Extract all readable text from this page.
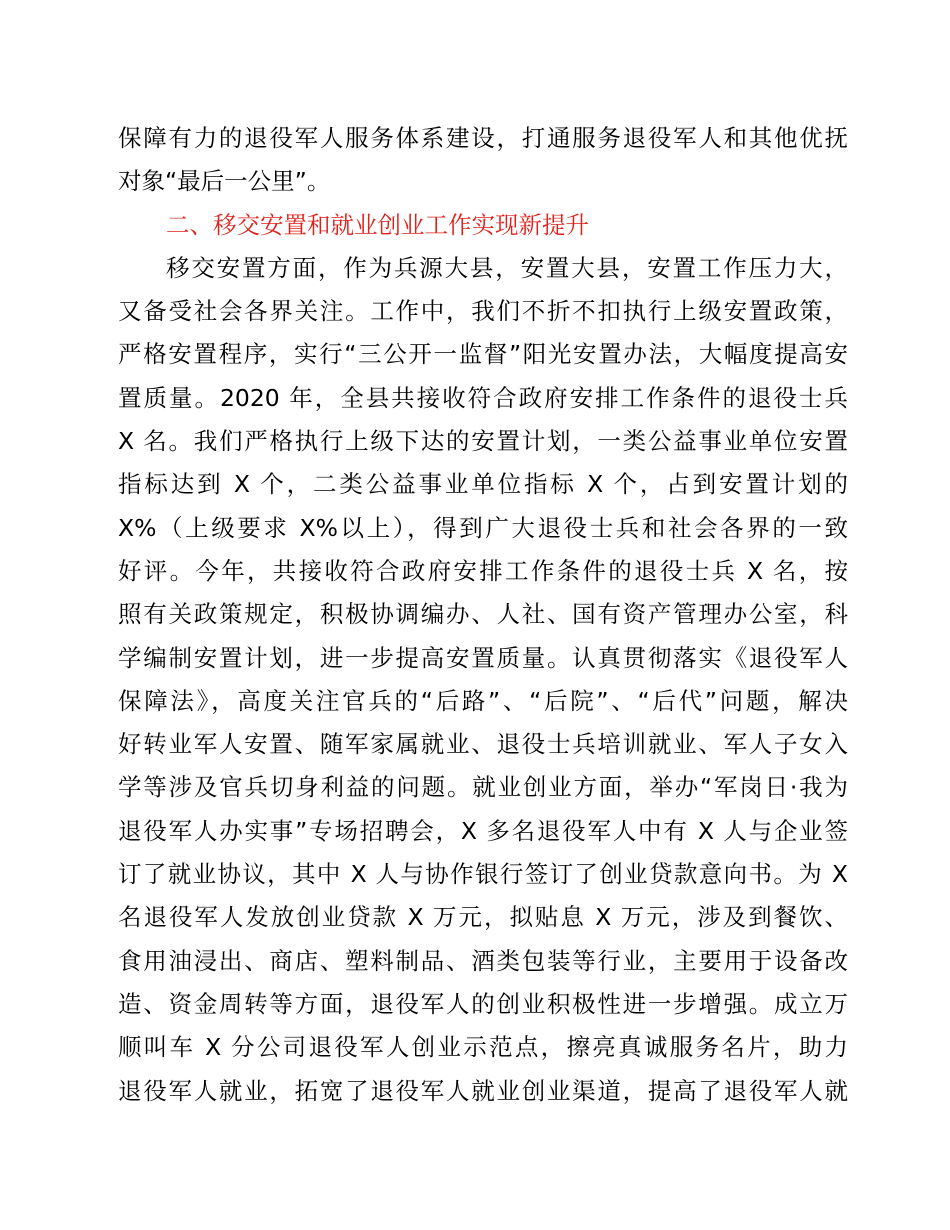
保障有力的退役军人服务体系建设，打通服务退役军人和其他优抚
对象“最后一公里”。
二、移交安置和就业创业工作实现新提升
移交安置方面，作为兵源大县，安置大县，安置工作压力大，
又备受社会各界关注。工作中，我们不折不扣执行上级安置政策，
严格安置程序，实行“三公开一监督”阳光安置办法，大幅度提高安
置质量。2020 年，全县共接收符合政府安排工作条件的退役士兵
X 名。我们严格执行上级下达的安置计划，一类公益事业单位安置
指标达到 X 个，二类公益事业单位指标 X 个，占到安置计划的
X%（上级要求 X%以上），得到广大退役士兵和社会各界的一致
好评。今年，共接收符合政府安排工作条件的退役士兵 X 名，按
照有关政策规定，积极协调编办、人社、国有资产管理办公室，科
学编制安置计划，进一步提高安置质量。认真贯彻落实《退役军人
保障法》，高度关注官兵的“后路”、“后院”、“后代”问题，解决
好转业军人安置、随军家属就业、退役士兵培训就业、军人子女入
学等涉及官兵切身利益的问题。就业创业方面，举办“军岗日·我为
退役军人办实事”专场招聘会，X 多名退役军人中有 X 人与企业签
订了就业协议，其中 X 人与协作银行签订了创业贷款意向书。为 X
名退役军人发放创业贷款 X 万元，拟贴息 X 万元，涉及到餐饮、
食用油浸出、商店、塑料制品、酒类包装等行业，主要用于设备改
造、资金周转等方面，退役军人的创业积极性进一步增强。成立万
顺叫车 X 分公司退役军人创业示范点，擦亮真诚服务名片，助力
退役军人就业，拓宽了退役军人就业创业渠道，提高了退役军人就
